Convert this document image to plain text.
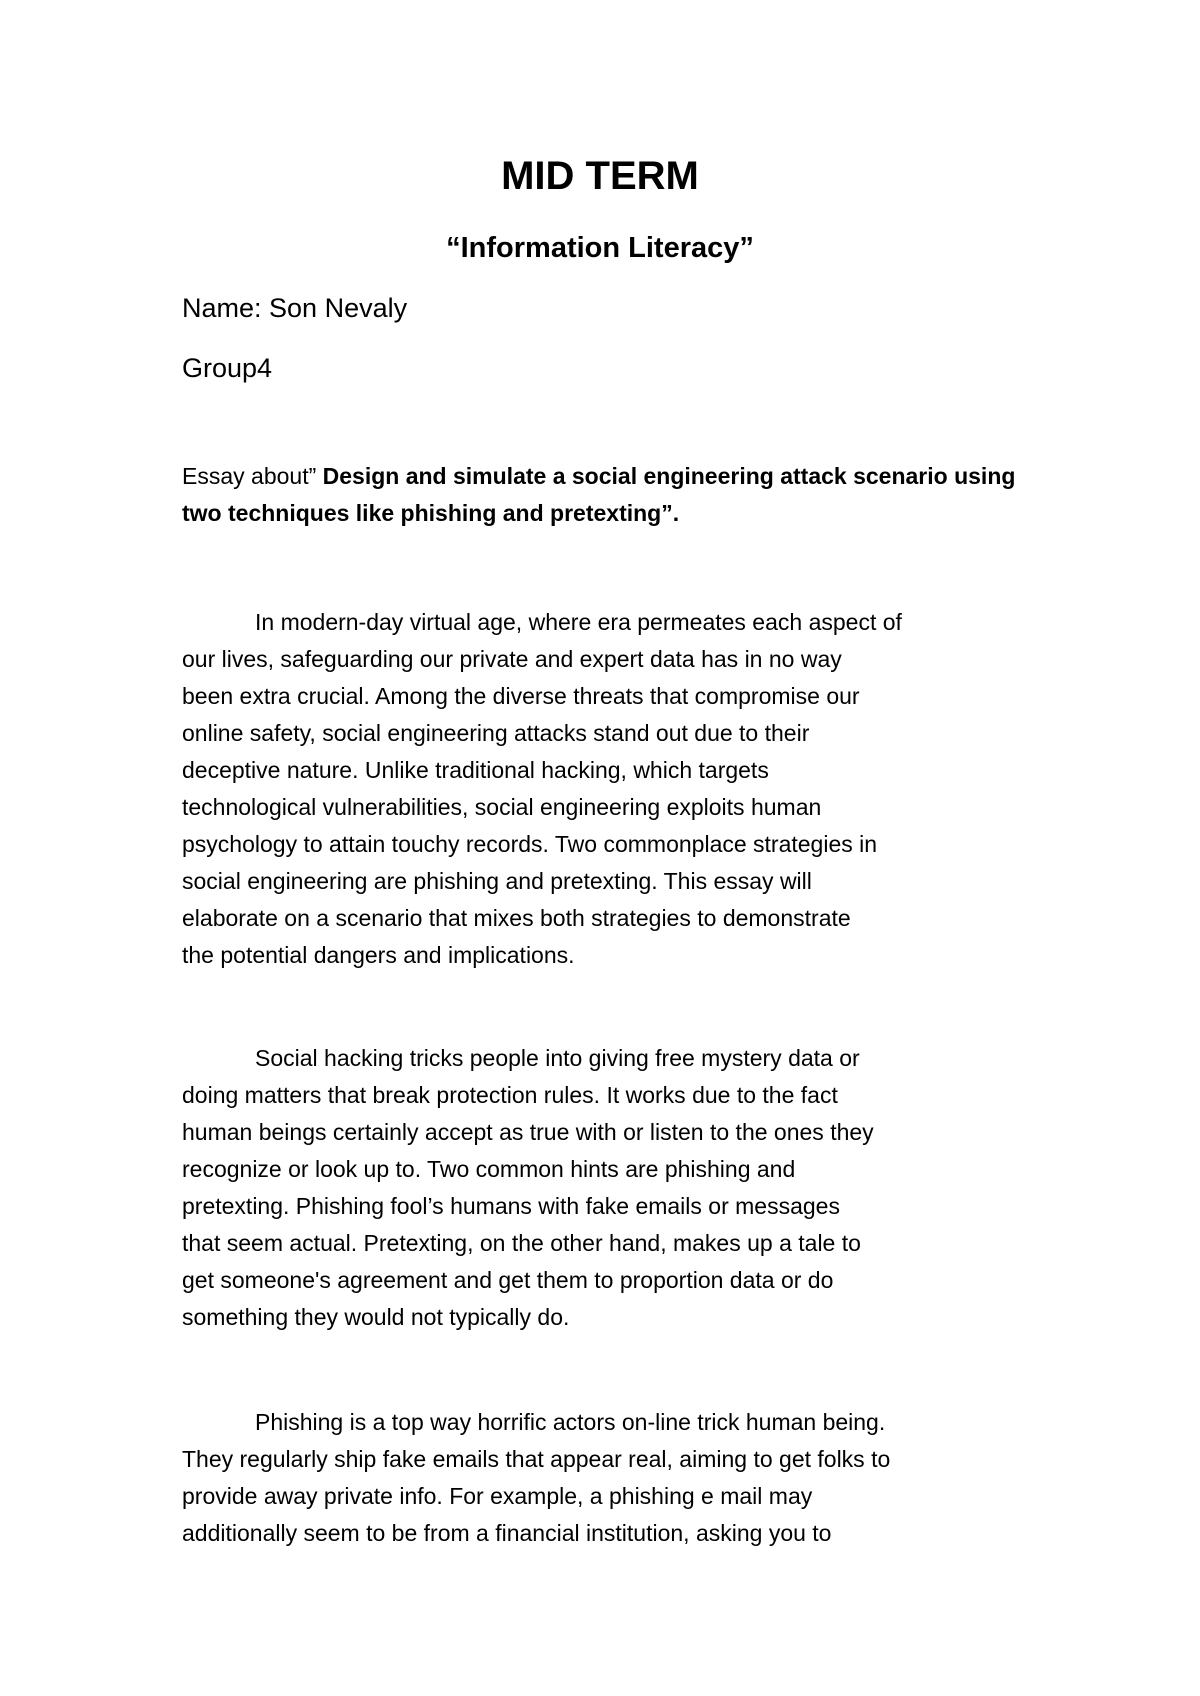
MID TERM
“Information Literacy”

Name: Son Nevaly

Group4

Essay about” Design and simulate a social engineering attack scenario using two techniques like phishing and pretexting”.

In modern-day virtual age, where era permeates each aspect of
our lives, safeguarding our private and expert data has in no way
been extra crucial. Among the diverse threats that compromise our
online safety, social engineering attacks stand out due to their
deceptive nature. Unlike traditional hacking, which targets
technological vulnerabilities, social engineering exploits human
psychology to attain touchy records. Two commonplace strategies in
social engineering are phishing and pretexting. This essay will
elaborate on a scenario that mixes both strategies to demonstrate
the potential dangers and implications.
Social hacking tricks people into giving free mystery data or
doing matters that break protection rules. It works due to the fact
human beings certainly accept as true with or listen to the ones they
recognize or look up to. Two common hints are phishing and
pretexting. Phishing fool’s humans with fake emails or messages
that seem actual. Pretexting, on the other hand, makes up a tale to
get someone's agreement and get them to proportion data or do
something they would not typically do.
Phishing is a top way horrific actors on-line trick human being.
They regularly ship fake emails that appear real, aiming to get folks to
provide away private info. For example, a phishing e mail may
additionally seem to be from a financial institution, asking you to
